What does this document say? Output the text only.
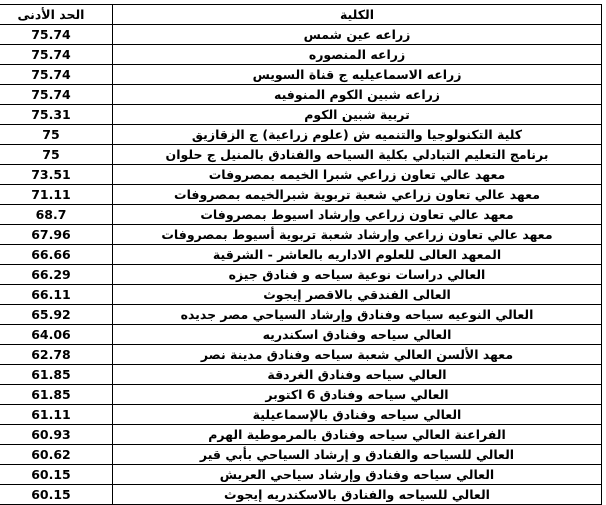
الكلية	الحد الأدنى
زراعه عين شمس	75.74
زراعه المنصوره	75.74
زراعه الاسماعيليه ج قناة السويس	75.74
زراعه شبين الكوم المنوفيه	75.74
تربية شبين الكوم	75.31
كلية التكنولوجيا والتنميه ش (علوم زراعية) ج الزقازيق	75
برنامج التعليم التبادلي بكلية السياحه والفنادق بالمنيل ج حلوان	75
معهد عالي تعاون زراعي شبرا الخيمه بمصروفات	73.51
معهد عالي تعاون زراعي شعبة تربوية شبرالخيمه بمصروفات	71.11
معهد عالي تعاون زراعي وإرشاد اسيوط بمصروفات	68.7
معهد عالي تعاون زراعي وإرشاد شعبة تربوية أسيوط بمصروفات	67.96
المعهد العالى للعلوم الاداريه بالعاشر - الشرقية	66.66
العالي دراسات نوعية سياحه و فنادق جيزه	66.29
العالى الفندقي بالاقصر إيجوث	66.11
العالي النوعيه سياحه وفنادق وإرشاد السياحي مصر جديده	65.92
العالي سياحه وفنادق اسكندريه	64.06
معهد الألسن العالي شعبة سياحه وفنادق مدينة نصر	62.78
العالي سياحه وفنادق الغردقة	61.85
العالي سياحه وفنادق 6 اكتوبر	61.85
العالي سياحه وفنادق بالإسماعيلية	61.11
الفراعنة العالي سياحه وفنادق بالمرموطية الهرم	60.93
العالي للسياحه والفنادق و إرشاد السياحي بأبي قير	60.62
العالي سياحه وفنادق وإرشاد سياحي العريش	60.15
العالي للسياحه والفنادق بالاسكندريه إيجوث	60.15
